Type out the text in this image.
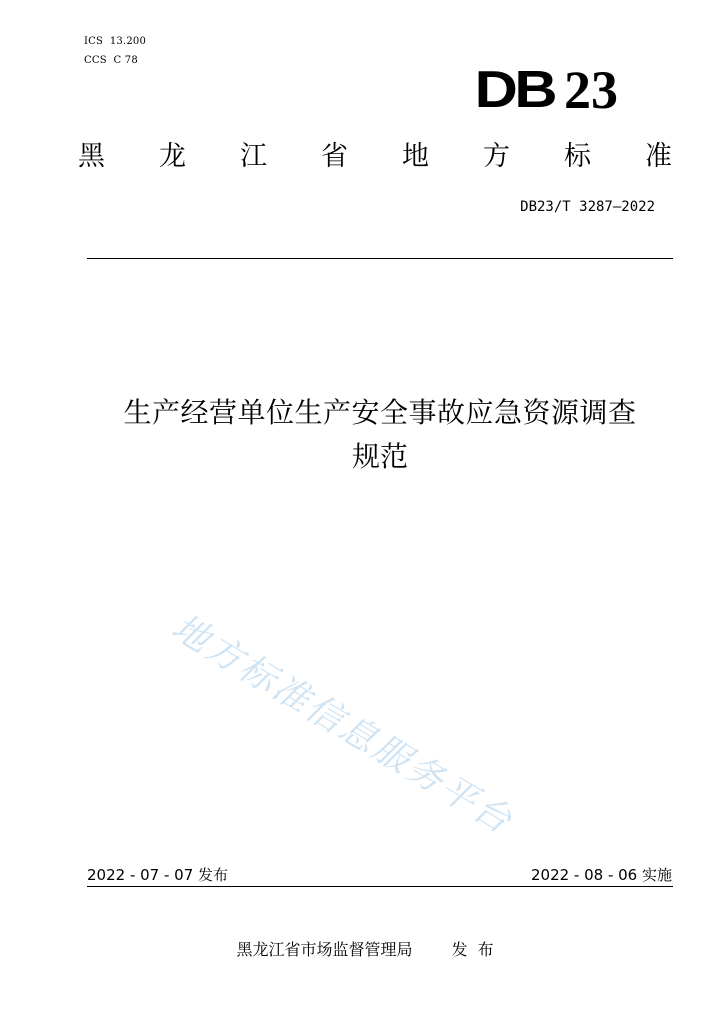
ICS 13.200
CCS C 78
DB 23
黑 龙 江 省 地 方 标 准
DB23/T 3287—2022
生产经营单位生产安全事故应急资源调查
规范
地方标准信息服务平台
2022 - 07 - 07 发布	2022 - 08 - 06 实施
黑龙江省市场监督管理局 发布
